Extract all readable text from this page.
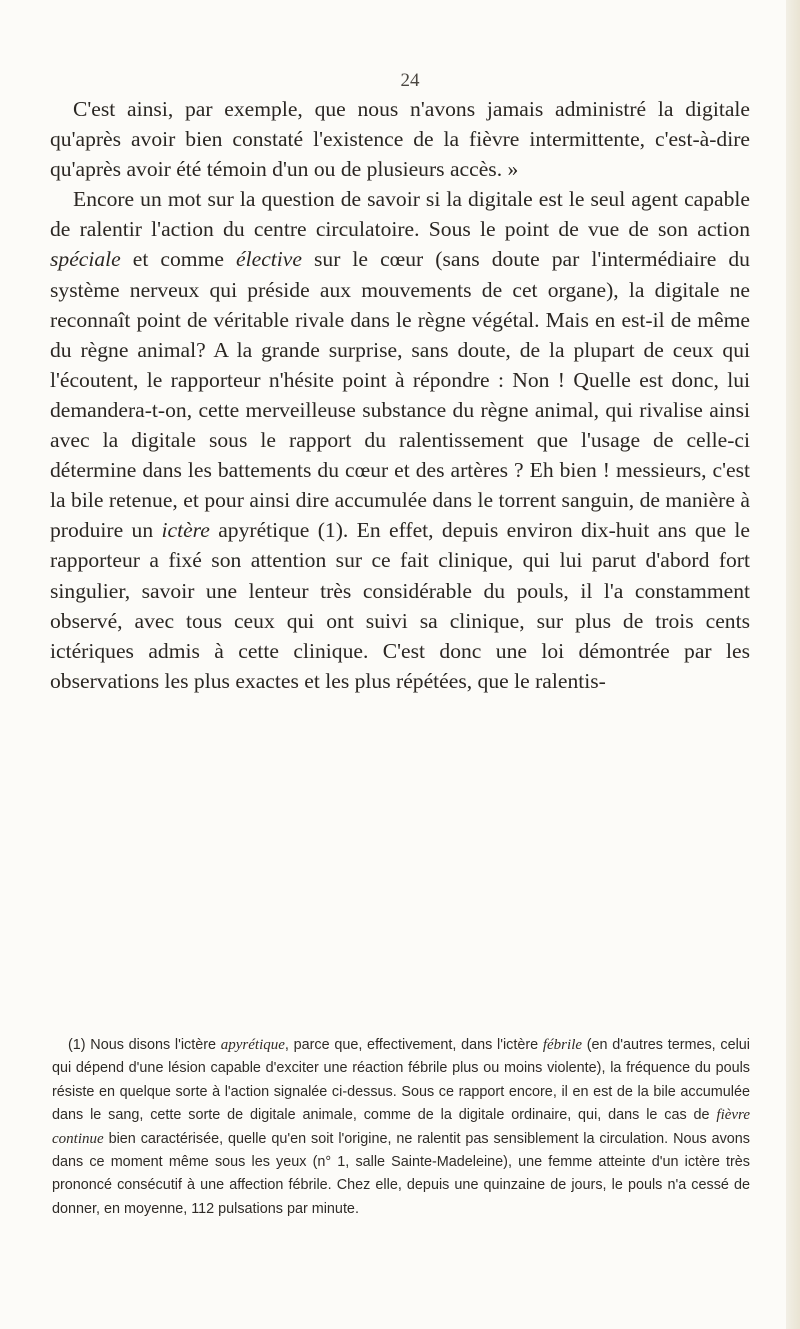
24

C'est ainsi, par exemple, que nous n'avons jamais administré la digitale qu'après avoir bien constaté l'existence de la fièvre intermittente, c'est-à-dire qu'après avoir été témoin d'un ou de plusieurs accès. »

Encore un mot sur la question de savoir si la digitale est le seul agent capable de ralentir l'action du centre circulatoire. Sous le point de vue de son action spéciale et comme élective sur le cœur (sans doute par l'intermédiaire du système nerveux qui préside aux mouvements de cet organe), la digitale ne reconnaît point de véritable rivale dans le règne végétal. Mais en est-il de même du règne animal? A la grande surprise, sans doute, de la plupart de ceux qui l'écoutent, le rapporteur n'hésite point à répondre : Non ! Quelle est donc, lui demandera-t-on, cette merveilleuse substance du règne animal, qui rivalise ainsi avec la digitale sous le rapport du ralentissement que l'usage de celle-ci détermine dans les battements du cœur et des artères ? Eh bien ! messieurs, c'est la bile retenue, et pour ainsi dire accumulée dans le torrent sanguin, de manière à produire un ictère apyrétique (1). En effet, depuis environ dix-huit ans que le rapporteur a fixé son attention sur ce fait clinique, qui lui parut d'abord fort singulier, savoir une lenteur très considérable du pouls, il l'a constamment observé, avec tous ceux qui ont suivi sa clinique, sur plus de trois cents ictériques admis à cette clinique. C'est donc une loi démontrée par les observations les plus exactes et les plus répétées, que le ralentis-

(1) Nous disons l'ictère apyrétique, parce que, effectivement, dans l'ictère fébrile (en d'autres termes, celui qui dépend d'une lésion capable d'exciter une réaction fébrile plus ou moins violente), la fréquence du pouls résiste en quelque sorte à l'action signalée ci-dessus. Sous ce rapport encore, il en est de la bile accumulée dans le sang, cette sorte de digitale animale, comme de la digitale ordinaire, qui, dans le cas de fièvre continue bien caractérisée, quelle qu'en soit l'origine, ne ralentit pas sensiblement la circulation. Nous avons dans ce moment même sous les yeux (n° 1, salle Sainte-Madeleine), une femme atteinte d'un ictère très prononcé consécutif à une affection fébrile. Chez elle, depuis une quinzaine de jours, le pouls n'a cessé de donner, en moyenne, 112 pulsations par minute.
